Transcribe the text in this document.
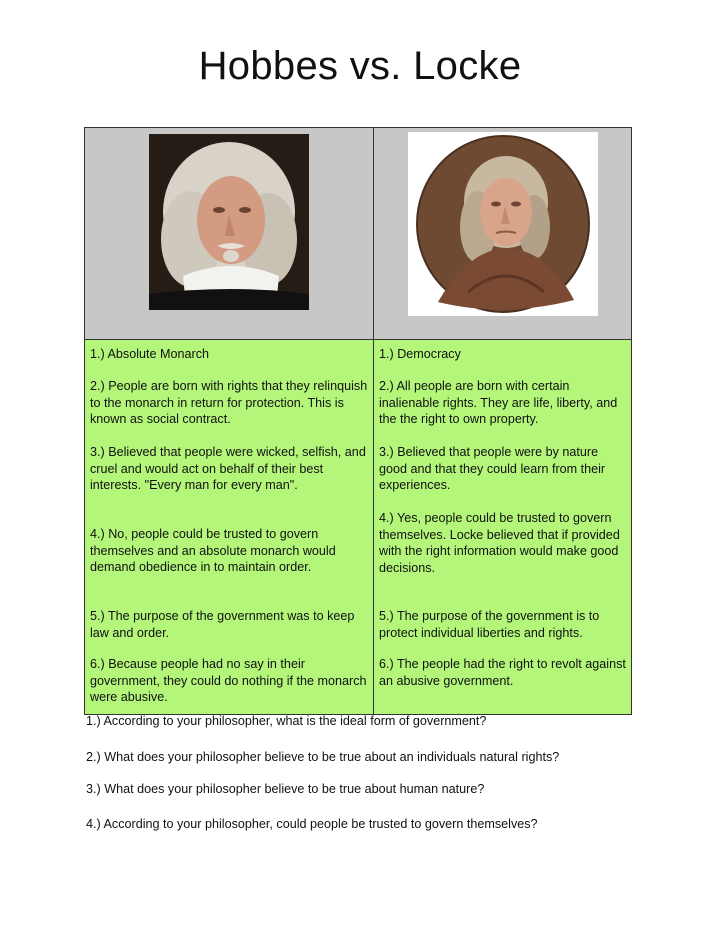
Hobbes vs. Locke
1.) Absolute Monarch
2.) People are born with rights that they relinquish to the monarch in return for protection. This is known as social contract.
3.) Believed that people were wicked, selfish, and cruel and would act on behalf of their best interests. "Every man for every man".
4.) No, people could be trusted to govern themselves and an absolute monarch would demand obedience in to maintain order.
5.) The purpose of the government was to keep law and order.
6.) Because people had no say in their government, they could do nothing if the monarch were abusive.
1.) Democracy
2.) All people are born with certain inalienable rights. They are life, liberty, and the the right to own property.
3.) Believed that people were by nature good and that they could learn from their experiences.
4.) Yes, people could be trusted to govern themselves. Locke believed that if provided with the right information would make good decisions.
5.) The purpose of the government is to protect individual liberties and rights.
6.) The people had the right to revolt against an abusive government.
1.) According to your philosopher, what is the ideal form of government?
2.) What does your philosopher believe to be true about an individuals natural rights?
3.) What does your philosopher believe to be true about human nature?
4.) According to your philosopher, could people be trusted to govern themselves?
